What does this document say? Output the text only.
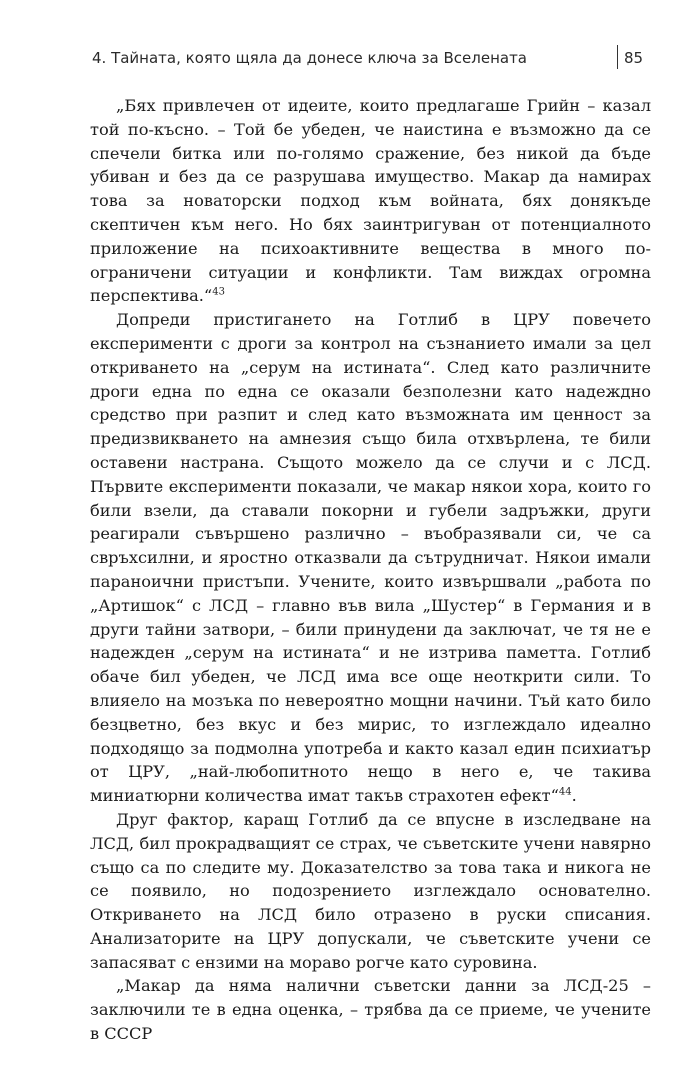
4. Тайната, която щяла да донесе ключа за Вселената	85

„Бях привлечен от идеите, които предлагаше Грийн – казал той по-късно. – Той бе убеден, че наистина е възможно да се спечели битка или по-голямо сражение, без никой да бъде убиван и без да се разрушава имущество. Макар да намирах това за новаторски подход към войната, бях донякъде скептичен към него. Но бях заинтригуван от потенциалното приложение на психоактивните вещества в много по-ограничени ситуации и конфликти. Там виждах огромна перспектива.“$^{43}$

Допреди пристигането на Готлиб в ЦРУ повечето експерименти с дроги за контрол на съзнанието имали за цел откриването на „серум на истината“. След като различните дроги една по една се оказали безполезни като надеждно средство при разпит и след като възможната им ценност за предизвикването на амнезия също била отхвърлена, те били оставени настрана. Същото можело да се случи и с ЛСД. Първите експерименти показали, че макар някои хора, които го били взели, да ставали покорни и губели задръжки, други реагирали съвършено различно – въобразявали си, че са свръхсилни, и яростно отказвали да сътрудничат. Някои имали параноични пристъпи. Учените, които извършвали „работа по „Артишок“ с ЛСД – главно във вила „Шустер“ в Германия и в други тайни затвори, – били принудени да заключат, че тя не е надежден „серум на истината“ и не изтрива паметта. Готлиб обаче бил убеден, че ЛСД има все още неоткрити сили. То влияело на мозъка по невероятно мощни начини. Тъй като било безцветно, без вкус и без мирис, то изглеждало идеално подходящо за подмолна употреба и както казал един психиатър от ЦРУ, „най-любопитното нещо в него е, че такива миниатюрни количества имат такъв страхотен ефект“$^{44}$.

Друг фактор, каращ Готлиб да се впусне в изследване на ЛСД, бил прокрадващият се страх, че съветските учени навярно също са по следите му. Доказателство за това така и никога не се появило, но подозрението изглеждало основателно. Откриването на ЛСД било отразено в руски списания. Анализаторите на ЦРУ допускали, че съветските учени се запасяват с ензими на мораво рогче като суровина.

„Макар да няма налични съветски данни за ЛСД-25 – заключили те в една оценка, – трябва да се приеме, че учените в СССР
